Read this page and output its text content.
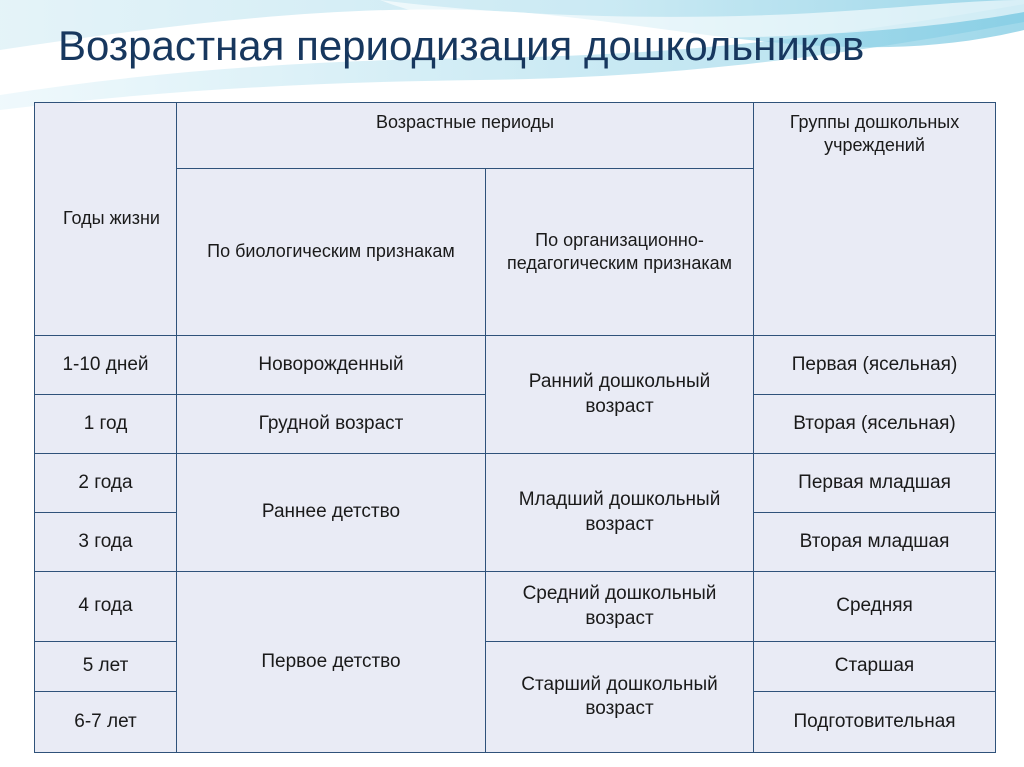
Возрастная периодизация дошкольников
Годы жизни	Возрастные периоды		Группы дошкольных учреждений
	По биологическим признакам	По организационно-педагогическим признакам	
1-10 дней	Новорожденный	Ранний дошкольный возраст	Первая (ясельная)
1 год	Грудной возраст		Вторая (ясельная)
2 года	Раннее детство	Младший дошкольный возраст	Первая младшая
3 года			Вторая младшая
4 года	Первое детство	Средний дошкольный возраст	Средняя
5 лет		Старший дошкольный возраст	Старшая
6-7 лет			Подготовительная
